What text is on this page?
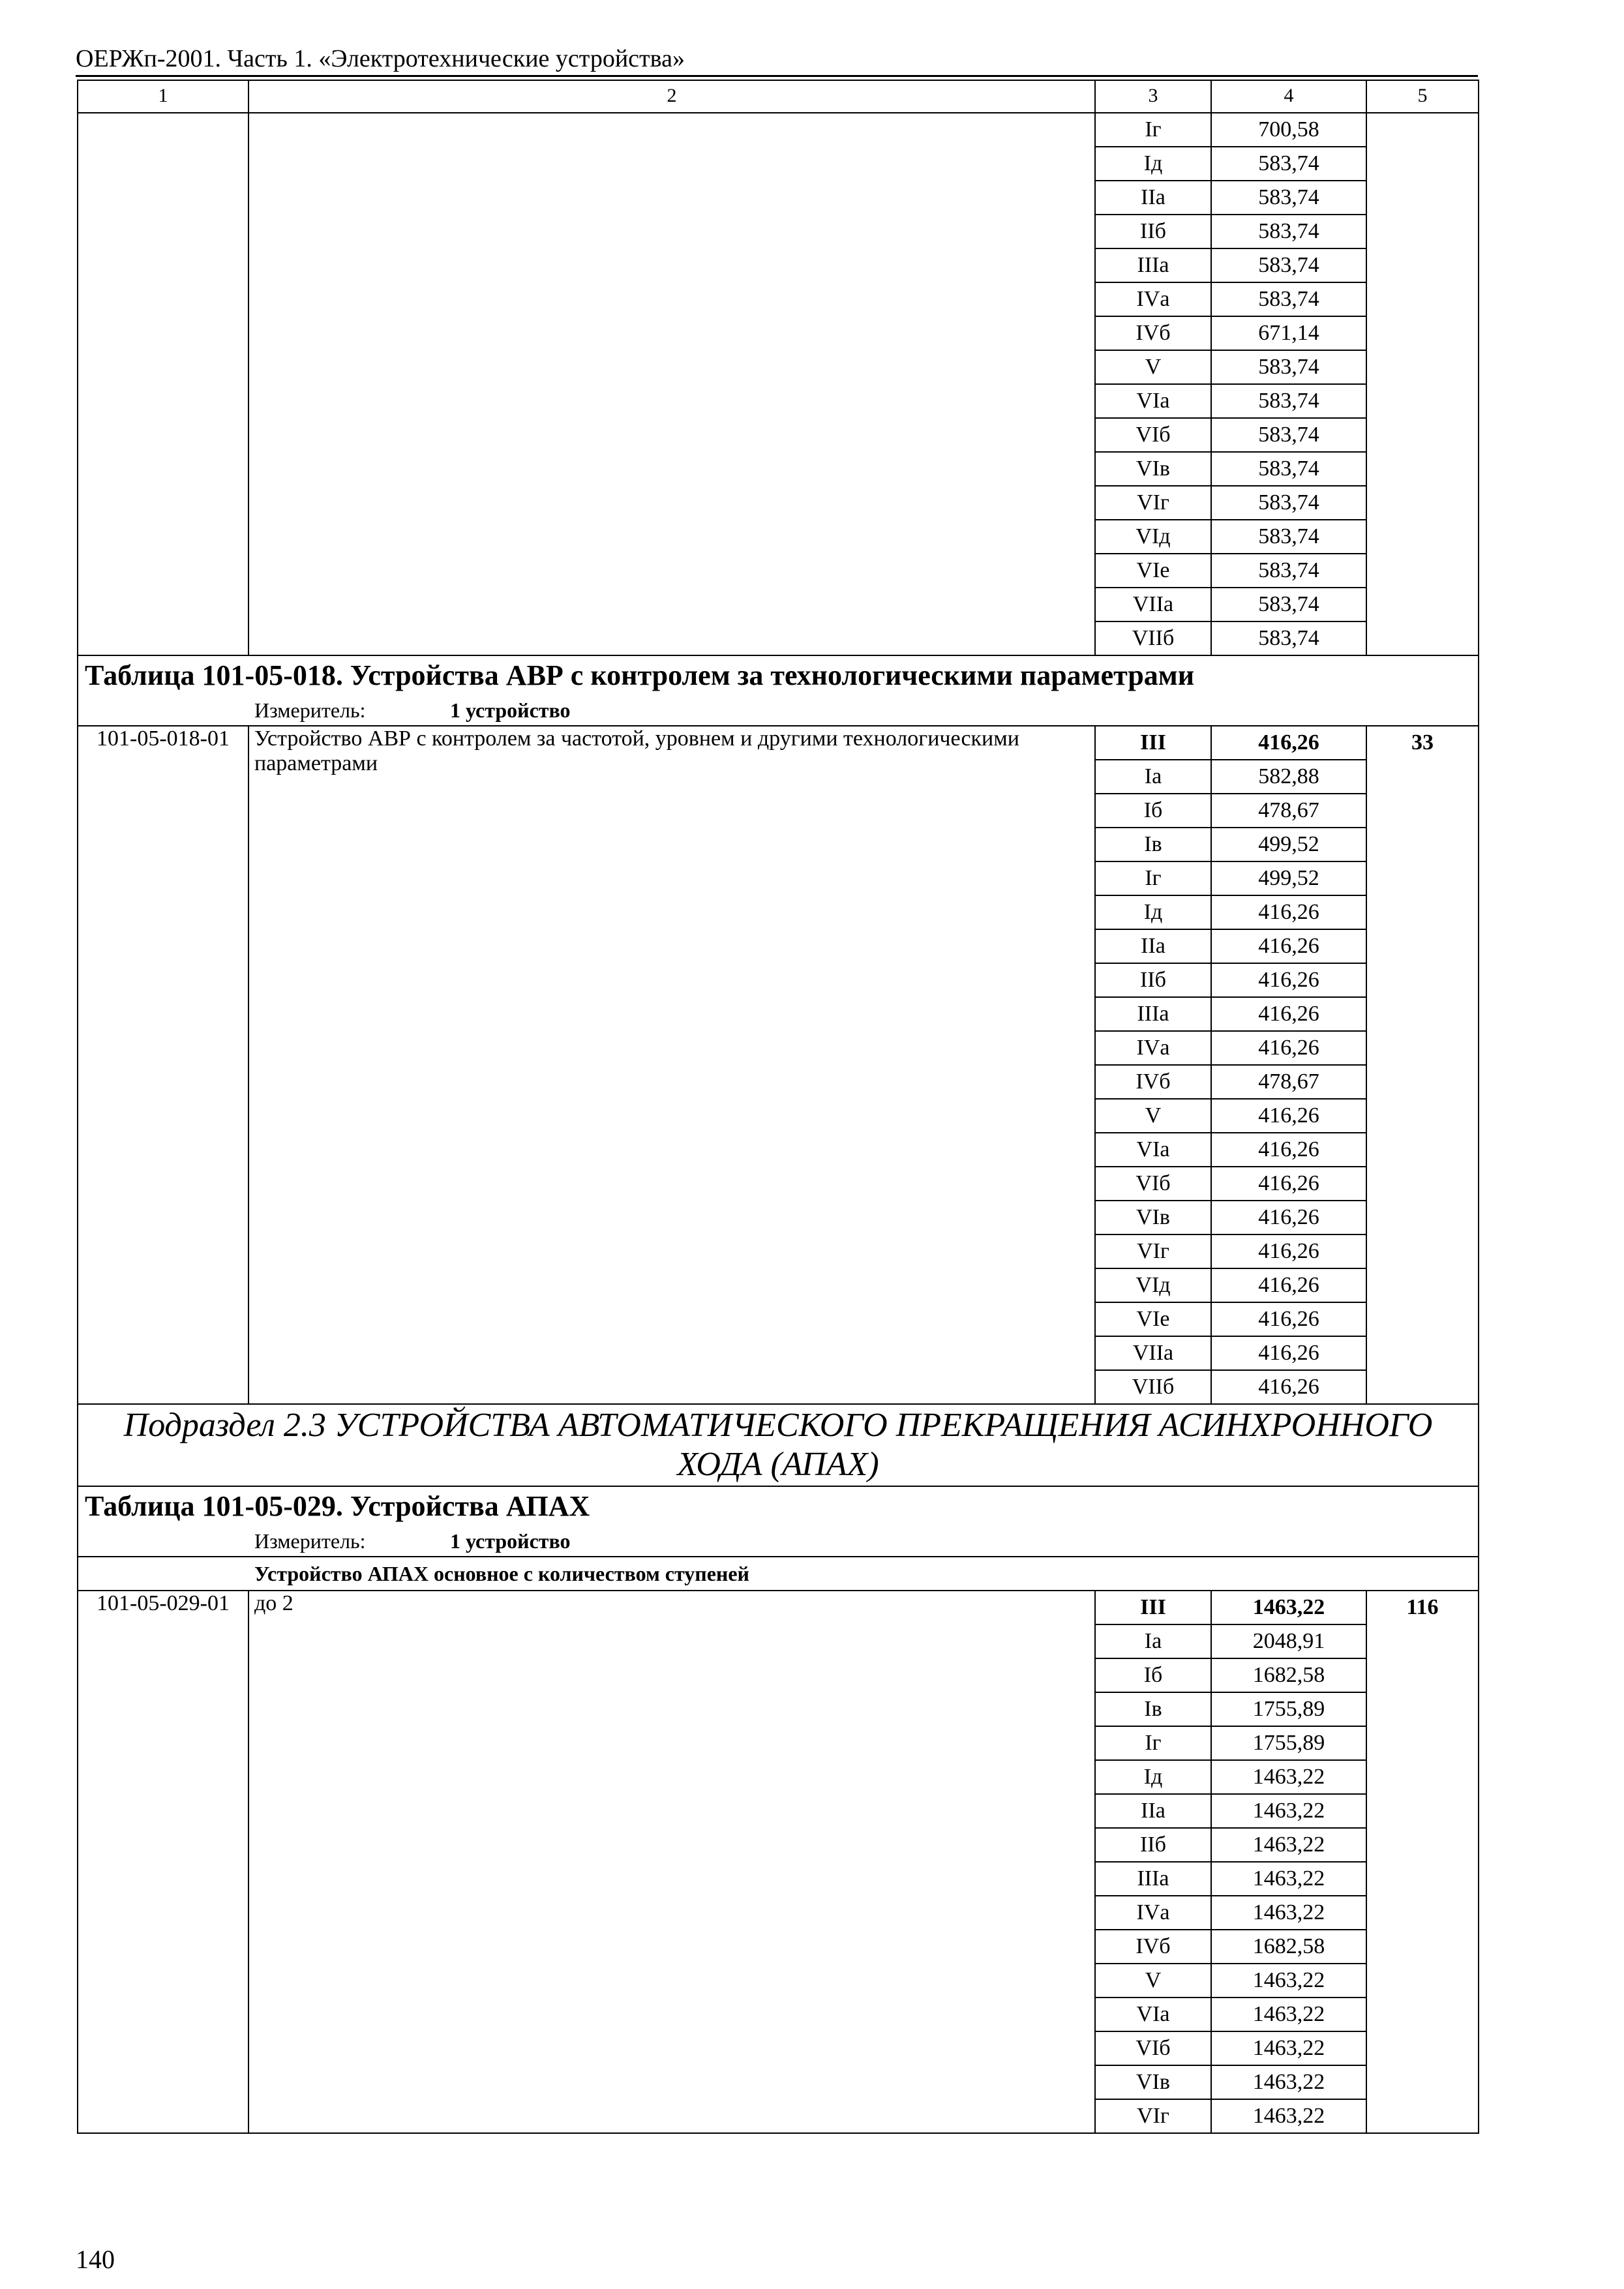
ОЕРЖп-2001. Часть 1. «Электротехнические устройства»
1	2	3	4	5
		Iг	700,58	
		Iд	583,74	
		IIа	583,74	
		IIб	583,74	
		IIIа	583,74	
		IVа	583,74	
		IVб	671,14	
		V	583,74	
		VIа	583,74	
		VIб	583,74	
		VIв	583,74	
		VIг	583,74	
		VIд	583,74	
		VIе	583,74	
		VIIа	583,74	
		VIIб	583,74	
Таблица 101-05-018. Устройства АВР с контролем за технологическими параметрами				
Измеритель: 1 устройство				
101-05-018-01	Устройство АВР с контролем за частотой, уровнем и другими технологическими параметрами	III	416,26	33
		Iа	582,88	
		Iб	478,67	
		Iв	499,52	
		Iг	499,52	
		Iд	416,26	
		IIа	416,26	
		IIб	416,26	
		IIIа	416,26	
		IVа	416,26	
		IVб	478,67	
		V	416,26	
		VIа	416,26	
		VIб	416,26	
		VIв	416,26	
		VIг	416,26	
		VIд	416,26	
		VIе	416,26	
		VIIа	416,26	
		VIIб	416,26	
Подраздел 2.3 УСТРОЙСТВА АВТОМАТИЧЕСКОГО ПРЕКРАЩЕНИЯ АСИНХРОННОГО ХОДА (АПАХ)				
Таблица 101-05-029. Устройства АПАХ				
Измеритель: 1 устройство				
Устройство АПАХ основное с количеством ступеней				
101-05-029-01	до 2	III	1463,22	116
		Iа	2048,91	
		Iб	1682,58	
		Iв	1755,89	
		Iг	1755,89	
		Iд	1463,22	
		IIа	1463,22	
		IIб	1463,22	
		IIIа	1463,22	
		IVа	1463,22	
		IVб	1682,58	
		V	1463,22	
		VIа	1463,22	
		VIб	1463,22	
		VIв	1463,22	
		VIг	1463,22	
140
